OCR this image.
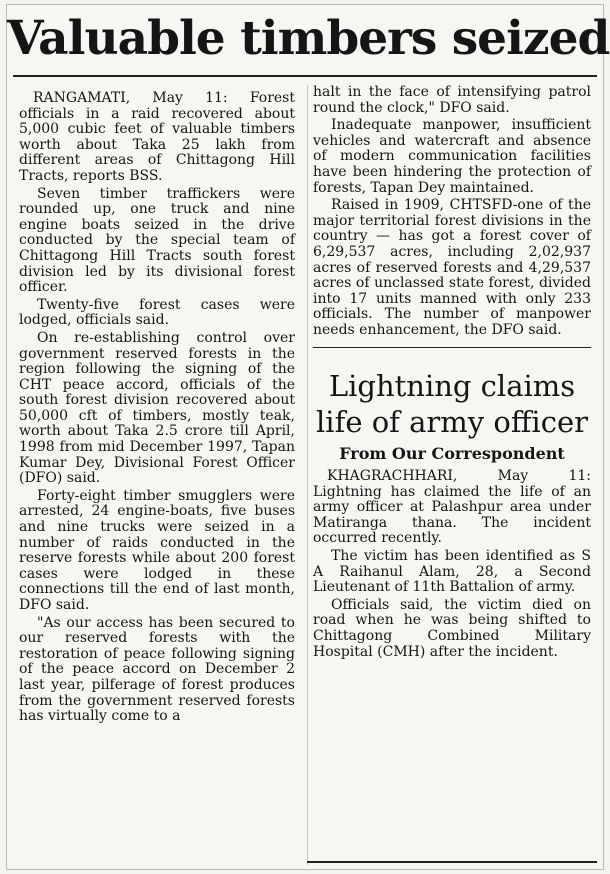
Valuable timbers seized

RANGAMATI, May 11: Forest officials in a raid recovered about 5,000 cubic feet of valuable timbers worth about Taka 25 lakh from different areas of Chittagong Hill Tracts, reports BSS.

Seven timber traffickers were rounded up, one truck and nine engine boats seized in the drive conducted by the special team of Chittagong Hill Tracts south forest division led by its divisional forest officer.

Twenty-five forest cases were lodged, officials said.

On re-establishing control over government reserved forests in the region following the signing of the CHT peace accord, officials of the south forest division recovered about 50,000 cft of timbers, mostly teak, worth about Taka 2.5 crore till April, 1998 from mid December 1997, Tapan Kumar Dey, Divisional Forest Officer (DFO) said.

Forty-eight timber smugglers were arrested, 24 engine-boats, five buses and nine trucks were seized in a number of raids conducted in the reserve forests while about 200 forest cases were lodged in these connections till the end of last month, DFO said.

"As our access has been secured to our reserved forests with the restoration of peace following signing of the peace accord on December 2 last year, pilferage of forest produces from the government reserved forests has virtually come to a

halt in the face of intensifying patrol round the clock," DFO said.

Inadequate manpower, insufficient vehicles and watercraft and absence of modern communication facilities have been hindering the protection of forests, Tapan Dey maintained.

Raised in 1909, CHTSFD-one of the major territorial forest divisions in the country — has got a forest cover of 6,29,537 acres, including 2,02,937 acres of reserved forests and 4,29,537 acres of unclassed state forest, divided into 17 units manned with only 233 officials. The number of manpower needs enhancement, the DFO said.

Lightning claims life of army officer
From Our Correspondent

KHAGRACHHARI, May 11: Lightning has claimed the life of an army officer at Palashpur area under Matiranga thana. The incident occurred recently.

The victim has been identified as S A Raihanul Alam, 28, a Second Lieutenant of 11th Battalion of army.

Officials said, the victim died on road when he was being shifted to Chittagong Combined Military Hospital (CMH) after the incident.
